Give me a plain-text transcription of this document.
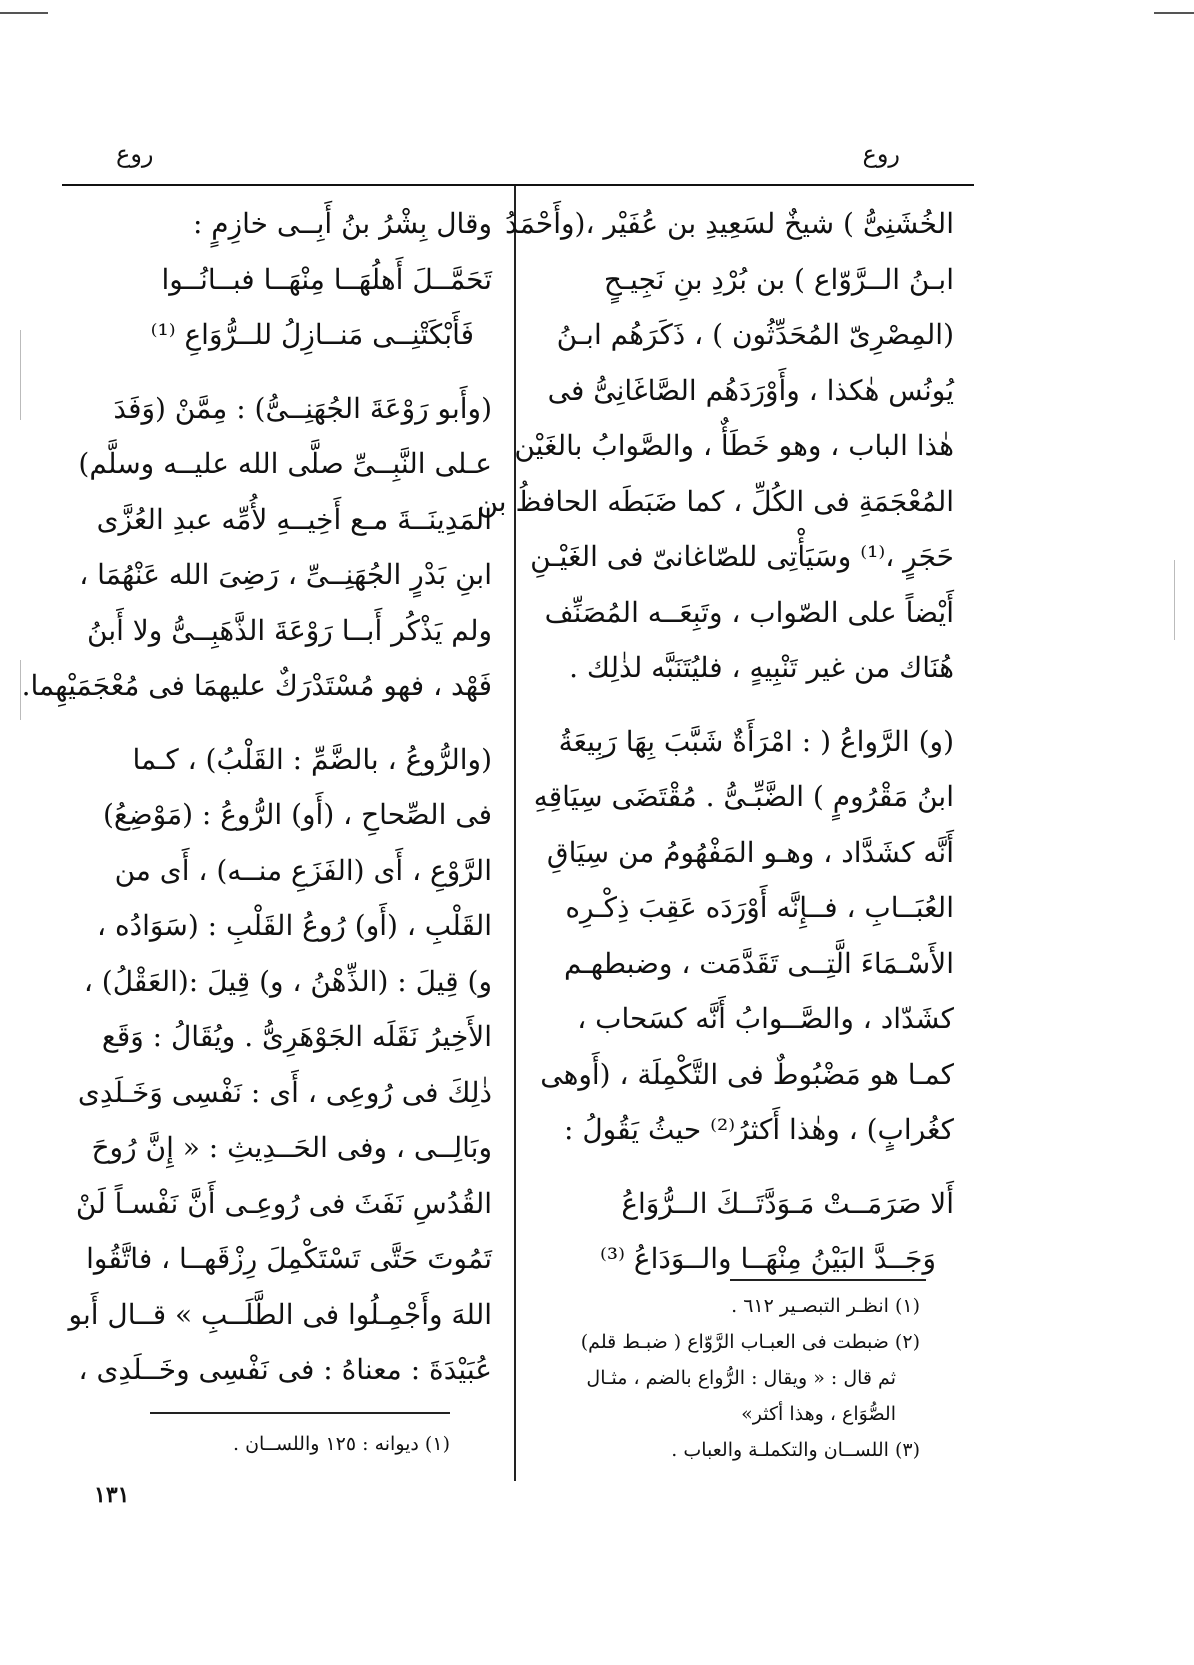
روع
روع
الخُشَنِىُّ ) شيخٌ لسَعِيدِ بن عُفَيْر ،(وأَحْمَدُ
ابـنُ الــرَّوّاع ) بن بُرْدِ بنِ نَجِيـحٍ
(المِصْرِىّ المُحَدِّثُون ) ، ذَكَرَهُم ابـنُ
يُونُس هٰكذا ، وأَوْرَدَهُم الصَّاغَانِىُّ فى
هٰذا الباب ، وهو خَطَأٌ ، والصَّوابُ بالغَيْن
المُعْجَمَةِ فى الكُلِّ ، كما ضَبَطَه الحافظُ بن
حَجَرٍ ،⁽¹⁾ وسَيَأْتِى للصّاغانىّ فى الغَيْـنِ
أَيْضاً على الصّواب ، وتَبِعَــه المُصَنِّف
هُنَاك من غير تَنْبِيهٍ ، فليُتَنَبَّه لذٰلِك .
(و) الرَّواعُ ( : امْرَأَةٌ شَبَّبَ بِهَا رَبِيعَةُ
ابنُ مَقْرُومٍ ) الضَّبِّـىُّ . مُقْتَضَى سِيَاقِهِ
أَنَّه كشَدَّاد ، وهـو المَفْهُومُ من سِيَاقِ
العُبَــابِ ، فــإِنَّه أَوْرَدَه عَقِبَ ذِكْـرِه
الأَسْـمَاءَ الَّتِــى تَقَدَّمَت ، وضبطهـم
كشَدّاد ، والصَّــوابُ أَنَّه كسَحاب ،
كمـا هو مَضْبُوطٌ فى التَّكْمِلَة ، (أَوهى
كغُرابٍ) ، وهٰذا أَكثرُ⁽²⁾ حيثُ يَقُولُ :
أَلا صَرَمَــتْ مَـوَدَّتَــكَ الــرُّوَاعُ
وَجَــدَّ البَيْنُ مِنْهَــا والــوَدَاعُ ⁽³⁾
(١) انظـر التبصـير ٦١٢ .
(٢) ضبطت فى العبـاب الرَّوّاع ( ضبـط قلم)
ثم قال : « ويقال : الرُّواع بالضم ، مثـال
الصُّوَاع ، وهذا أكثر»
(٣) اللســان والتكملـة والعباب .
وقال بِشْرُ بنُ أَبِــى خازِمٍ :
تَحَمَّــلَ أَهلُهَــا مِنْهَــا فبــانُــوا
فَأَبْكَتْنِــى مَنــازِلُ للــرُّوَاعِ ⁽¹⁾
(وأَبو رَوْعَةَ الجُهَنِــىُّ) : مِمَّنْ (وَفَدَ
عـلى النَّبِــىِّ صلَّى الله عليــه وسلَّم)
المَدِينَــةَ مـع أَخِيــهِ لأُمِّه عبدِ العُزَّى
ابنِ بَدْرٍ الجُهَنِــىِّ ، رَضِىَ الله عَنْهُمَا ،
ولم يَذْكُر أَبــا رَوْعَةَ الذَّهَبِــىُّ ولا أَبنُ
فَهْد ، فهو مُسْتَدْرَكٌ عليهمَا فى مُعْجَمَيْهِما.
(والرُّوعُ ، بالضَّمِّ : القَلْبُ) ، كـما
فى الصِّحاحِ ، (أَو) الرُّوعُ : (مَوْضِعُ)
الرَّوْعِ ، أَى (الفَزَعِ منــه) ، أَى من
القَلْبِ ، (أَو) رُوعُ القَلْبِ : (سَوَادُه ،
و) قِيلَ : (الذِّهْنُ ، و) قِيلَ :(العَقْلُ) ،
الأَخِيرُ نَقَلَه الجَوْهَرِىُّ . ويُقَالُ : وَقَع
ذٰلِكَ فى رُوعِى ، أَى : نَفْسِى وَخَـلَدِى
وبَالِــى ، وفى الحَــدِيثِ : « إِنَّ رُوحَ
القُدُسِ نَفَثَ فى رُوعِـى أَنَّ نَفْسـاً لَنْ
تَمُوتَ حَتَّى تَسْتَكْمِلَ رِزْقَهــا ، فاتَّقُوا
اللهَ وأَجْمِـلُوا فى الطَّلَــبِ » قــال أَبو
عُبَيْدَةَ : معناهُ : فى نَفْسِى وخَــلَدِى ،
(١) ديوانه : ١٢٥ واللســان .
١٣١
